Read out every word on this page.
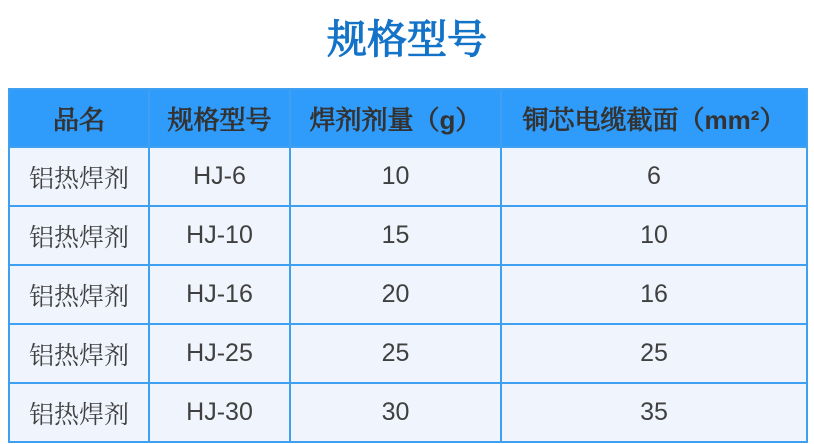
规格型号
品名	规格型号	焊剂剂量（g）	铜芯电缆截面（mm²）
铝热焊剂	HJ-6	10	6
铝热焊剂	HJ-10	15	10
铝热焊剂	HJ-16	20	16
铝热焊剂	HJ-25	25	25
铝热焊剂	HJ-30	30	35
